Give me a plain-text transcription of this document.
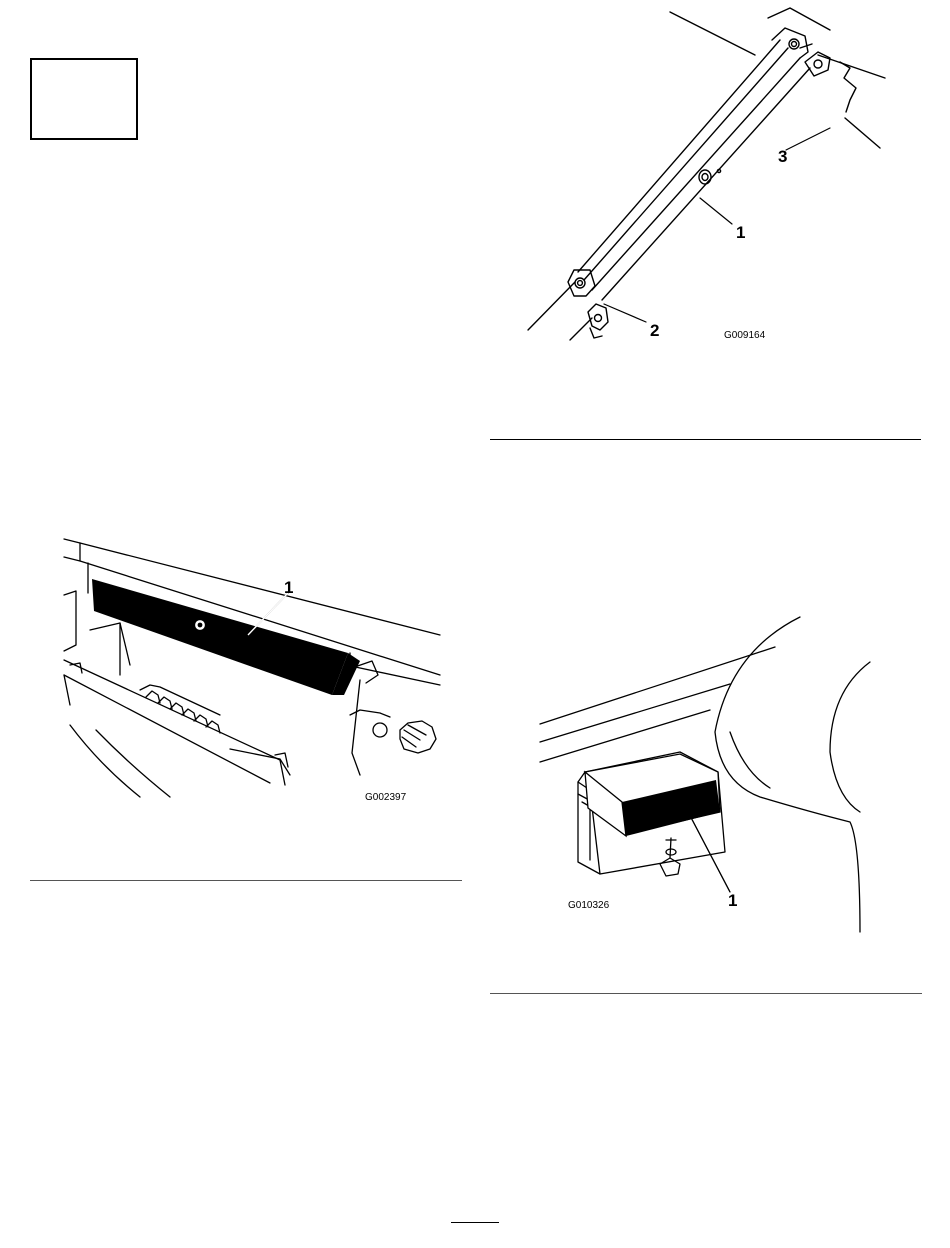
1
2
3
G009164
1
G002397
1
G010326
